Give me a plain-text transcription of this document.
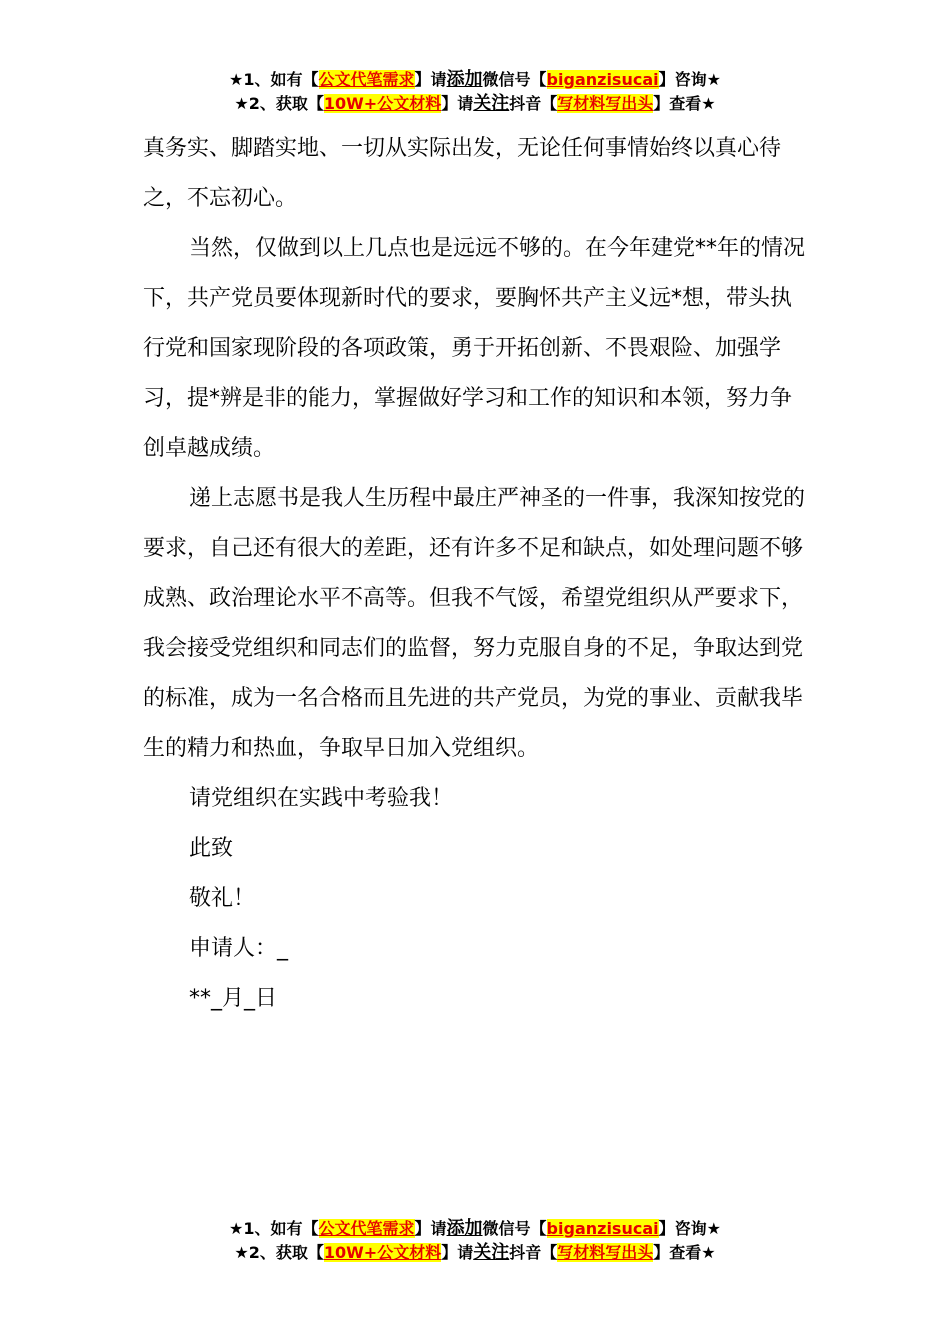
★1、如有【公文代笔需求】请添加微信号【biganzisucai】咨询★
★2、获取【10W+公文材料】请关注抖音【写材料写出头】查看★

真务实、脚踏实地、一切从实际出发，无论任何事情始终以真心待之，不忘初心。

当然，仅做到以上几点也是远远不够的。在今年建党**年的情况下，共产党员要体现新时代的要求，要胸怀共产主义远*想，带头执行党和国家现阶段的各项政策，勇于开拓创新、不畏艰险、加强学习，提*辨是非的能力，掌握做好学习和工作的知识和本领，努力争创卓越成绩。

递上志愿书是我人生历程中最庄严神圣的一件事，我深知按党的要求，自己还有很大的差距，还有许多不足和缺点，如处理问题不够成熟、政治理论水平不高等。但我不气馁，希望党组织从严要求下，我会接受党组织和同志们的监督，努力克服自身的不足，争取达到党的标准，成为一名合格而且先进的共产党员，为党的事业、贡献我毕生的精力和热血，争取早日加入党组织。

请党组织在实践中考验我！

此致

敬礼！

申请人：_

**_月_日

★1、如有【公文代笔需求】请添加微信号【biganzisucai】咨询★
★2、获取【10W+公文材料】请关注抖音【写材料写出头】查看★
